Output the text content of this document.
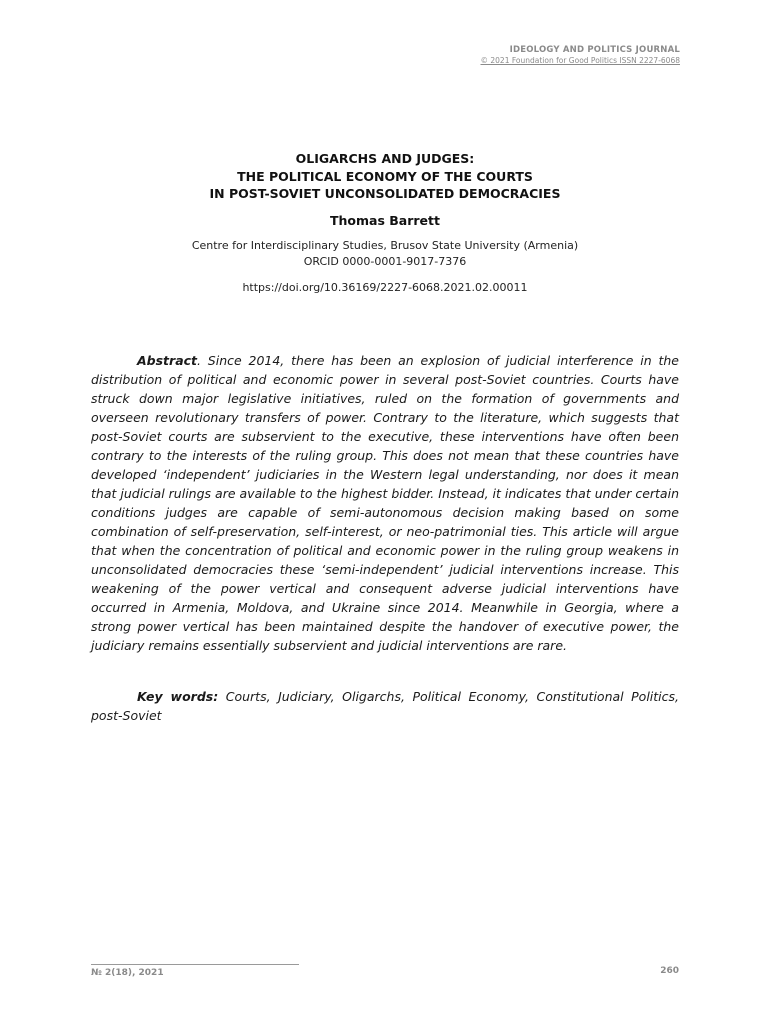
IDEOLOGY AND POLITICS JOURNAL
© 2021 Foundation for Good Politics ISSN 2227-6068
OLIGARCHS AND JUDGES:
THE POLITICAL ECONOMY OF THE COURTS
IN POST-SOVIET UNCONSOLIDATED DEMOCRACIES
Thomas Barrett
Centre for Interdisciplinary Studies, Brusov State University (Armenia)
ORCID 0000-0001-9017-7376
https://doi.org/10.36169/2227-6068.2021.02.00011

Abstract. Since 2014, there has been an explosion of judicial interference in the distribution of political and economic power in several post-Soviet countries. Courts have struck down major legislative initiatives, ruled on the formation of governments and overseen revolutionary transfers of power. Contrary to the literature, which suggests that post-Soviet courts are subservient to the executive, these interventions have often been contrary to the interests of the ruling group. This does not mean that these countries have developed ‘independent’ judiciaries in the Western legal understanding, nor does it mean that judicial rulings are available to the highest bidder. Instead, it indicates that under certain conditions judges are capable of semi-autonomous decision making based on some combination of self-preservation, self-interest, or neo-patrimonial ties. This article will argue that when the concentration of political and economic power in the ruling group weakens in unconsolidated democracies these ‘semi-independent’ judicial interventions increase. This weakening of the power vertical and consequent adverse judicial interventions have occurred in Armenia, Moldova, and Ukraine since 2014. Meanwhile in Georgia, where a strong power vertical has been maintained despite the handover of executive power, the judiciary remains essentially subservient and judicial interventions are rare.

Key words: Courts, Judiciary, Oligarchs, Political Economy, Constitutional Politics, post-Soviet

№ 2(18), 2021	260
